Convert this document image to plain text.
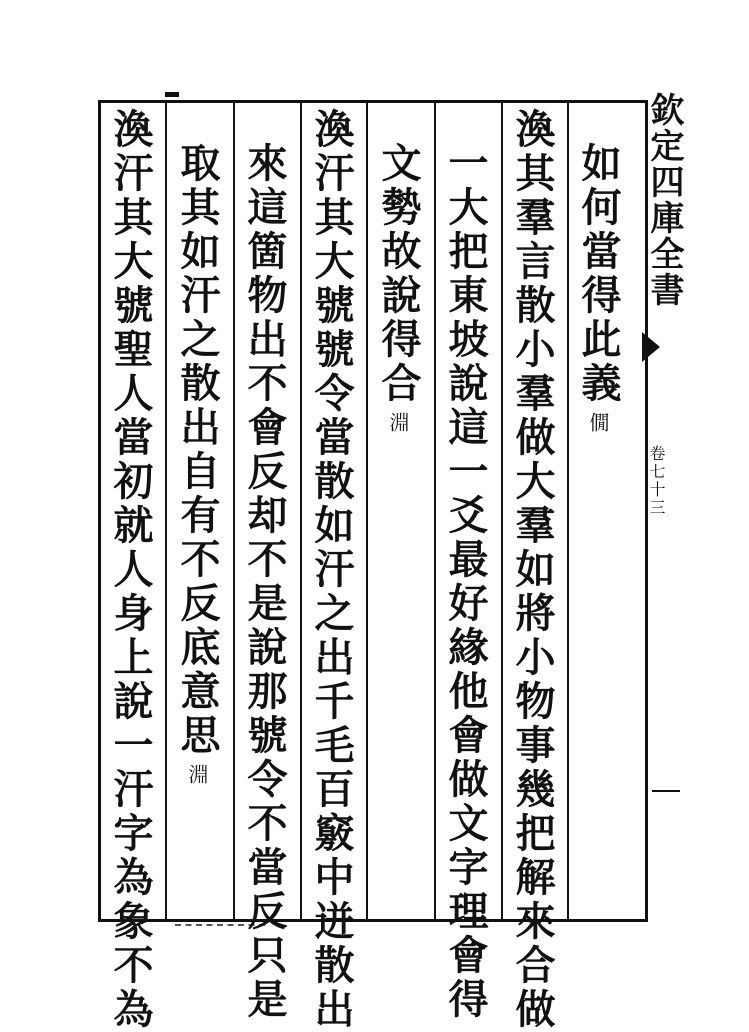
如何當得此義僩
渙其羣言散小羣做大羣如將小物事幾把解來合做
一大把東坡說這一爻最好緣他會做文字理會得
文勢故說得合淵
渙汗其大號號令當散如汗之出千毛百竅中迸散出
來這箇物出不會反却不是說那號令不當反只是
取其如汗之散出自有不反底意思淵
渙汗其大號聖人當初就人身上說一汗字為象不為	欽定四庫全書
卷七十三
